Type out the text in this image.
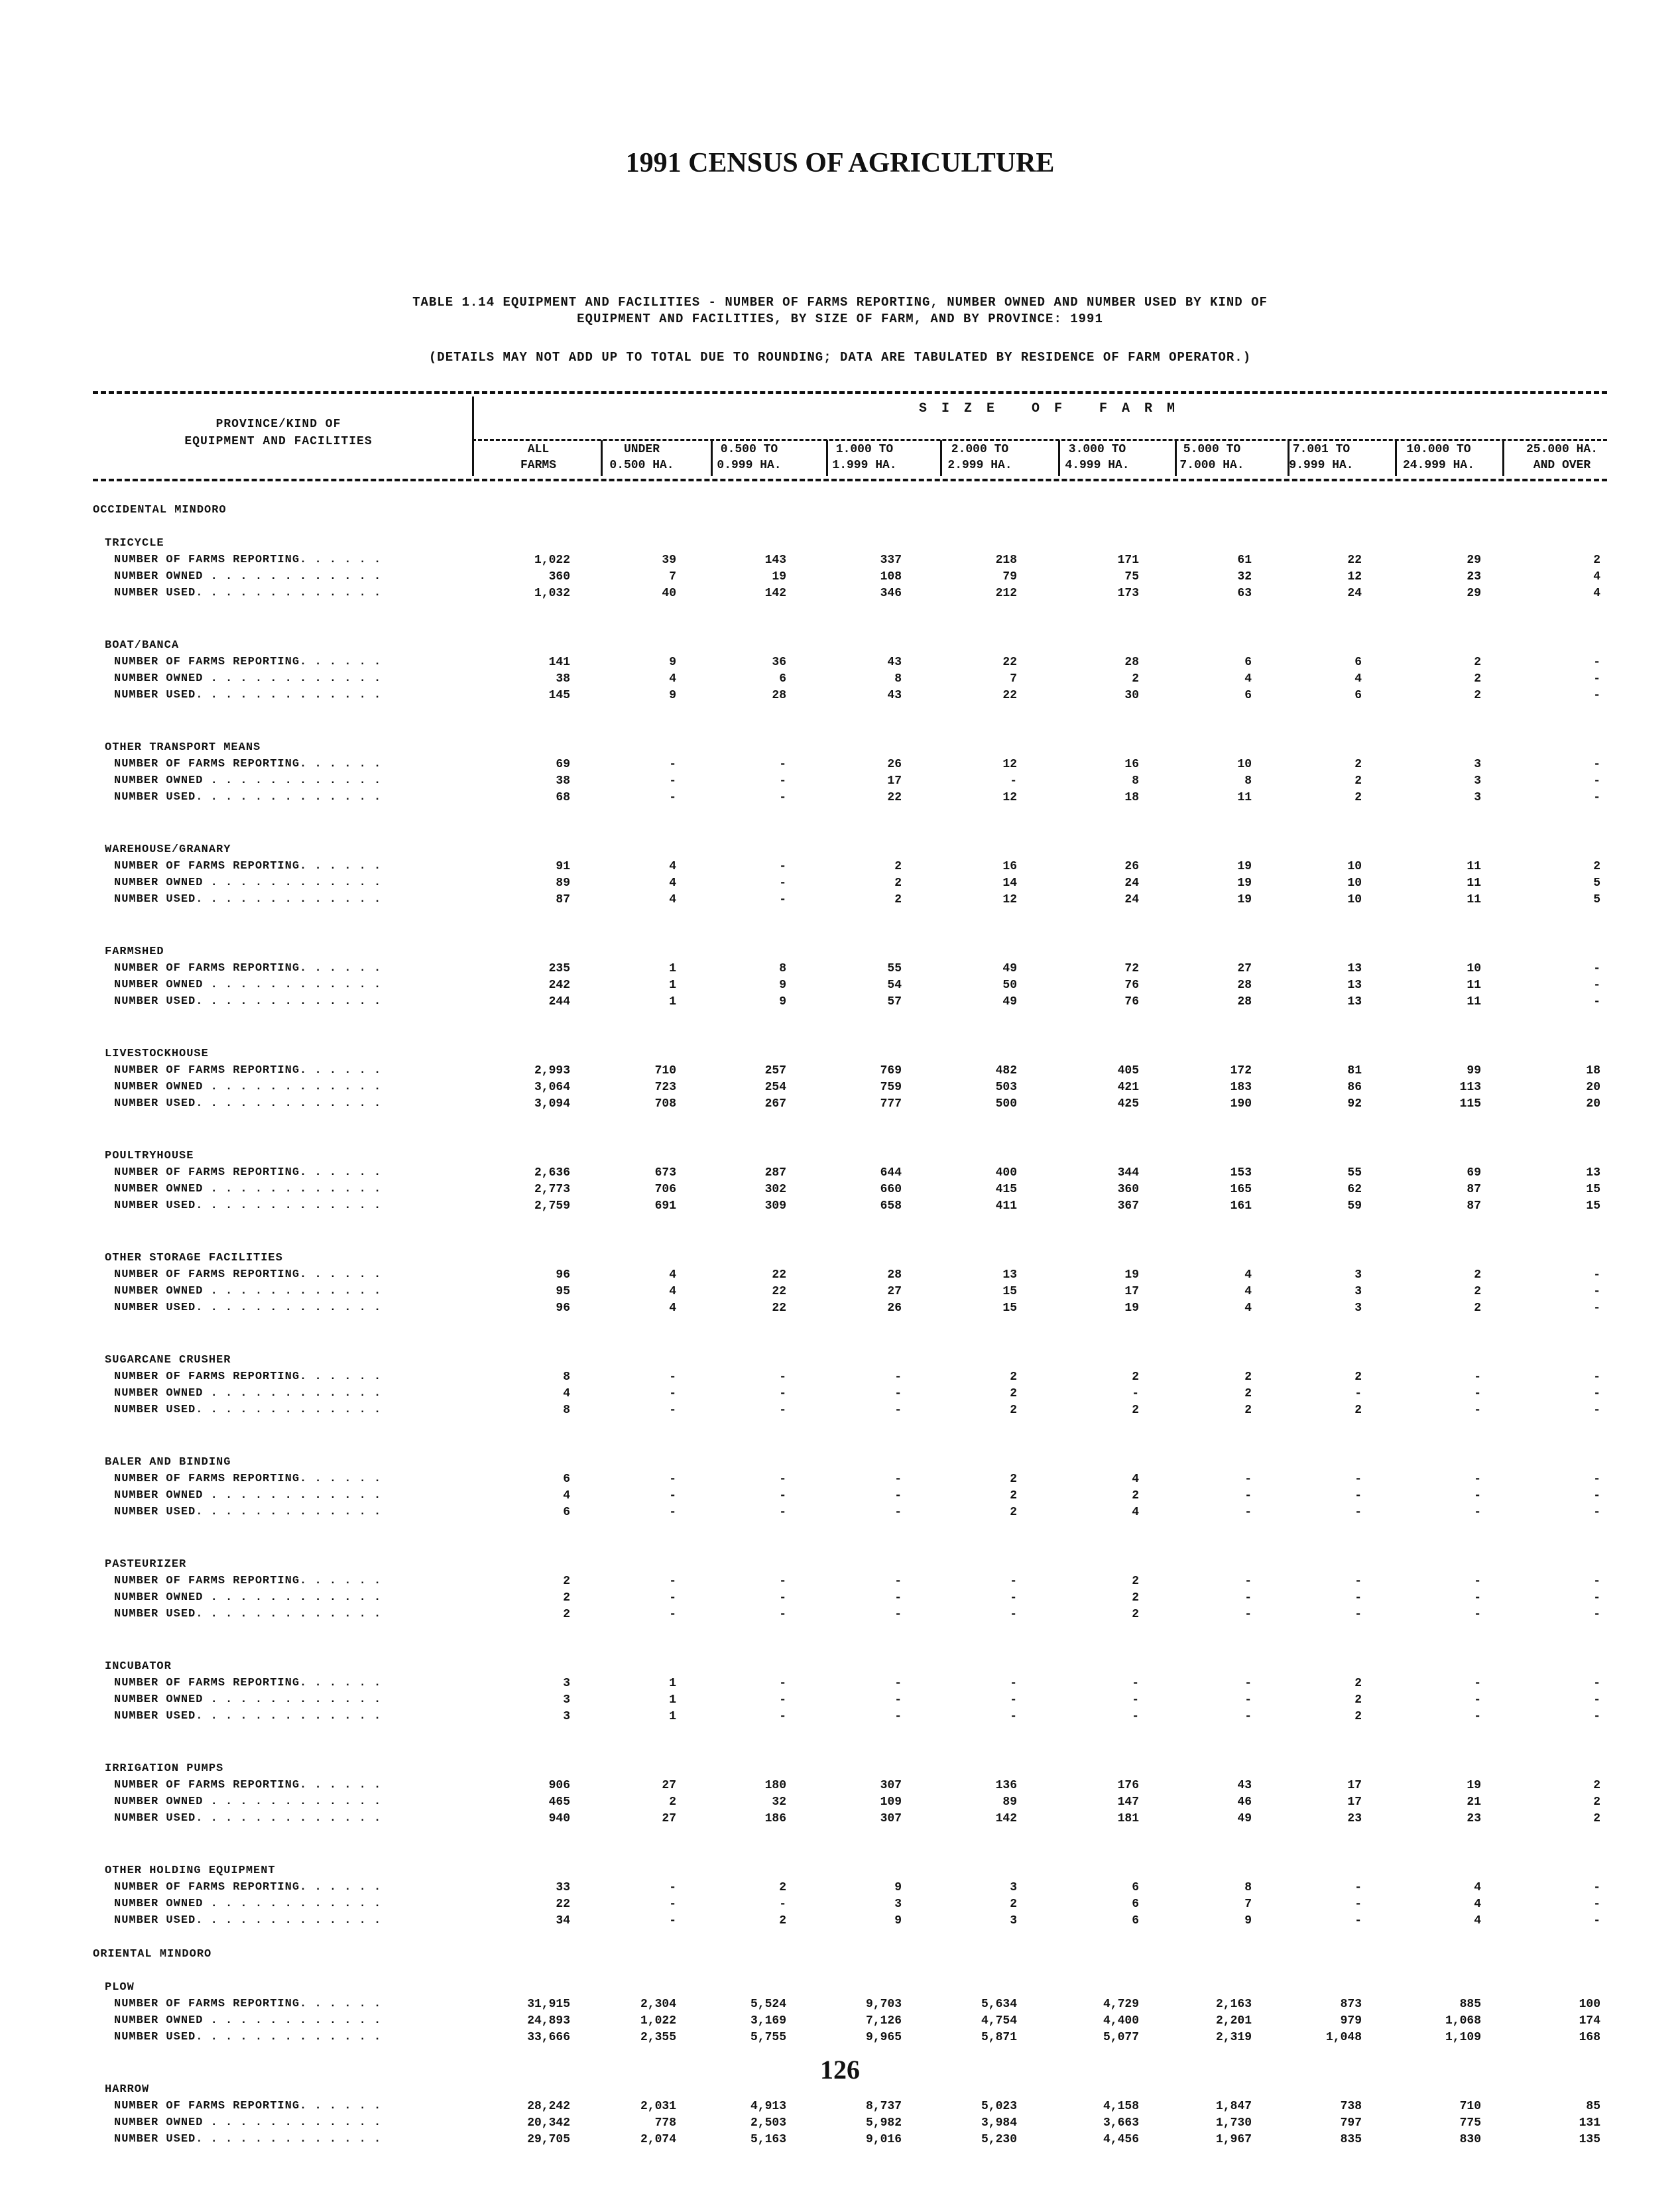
1991 CENSUS OF AGRICULTURE
TABLE 1.14 EQUIPMENT AND FACILITIES - NUMBER OF FARMS REPORTING, NUMBER OWNED AND NUMBER USED BY KIND OF
EQUIPMENT AND FACILITIES, BY SIZE OF FARM, AND BY PROVINCE: 1991
(DETAILS MAY NOT ADD UP TO TOTAL DUE TO ROUNDING; DATA ARE TABULATED BY RESIDENCE OF FARM OPERATOR.)
PROVINCE/KIND OF
EQUIPMENT AND FACILITIES
SIZE OF FARM
ALL
FARMS
UNDER
0.500 HA.
0.500 TO
0.999 HA.
1.000 TO
1.999 HA.
2.000 TO
2.999 HA.
3.000 TO
4.999 HA.
5.000 TO
7.000 HA.
7.001 TO
9.999 HA.
10.000 TO
24.999 HA.
25.000 HA.
AND OVER
OCCIDENTAL MINDORO
TRICYCLE
NUMBER OF FARMS REPORTING. . . . . .	1,022	39	143	337	218	171	61	22	29	2
NUMBER OWNED . . . . . . . . . . . .	360	7	19	108	79	75	32	12	23	4
NUMBER USED. . . . . . . . . . . . .	1,032	40	142	346	212	173	63	24	29	4
BOAT/BANCA
NUMBER OF FARMS REPORTING. . . . . .	141	9	36	43	22	28	6	6	2	-
NUMBER OWNED . . . . . . . . . . . .	38	4	6	8	7	2	4	4	2	-
NUMBER USED. . . . . . . . . . . . .	145	9	28	43	22	30	6	6	2	-
OTHER TRANSPORT MEANS
NUMBER OF FARMS REPORTING. . . . . .	69	-	-	26	12	16	10	2	3	-
NUMBER OWNED . . . . . . . . . . . .	38	-	-	17	-	8	8	2	3	-
NUMBER USED. . . . . . . . . . . . .	68	-	-	22	12	18	11	2	3	-
WAREHOUSE/GRANARY
NUMBER OF FARMS REPORTING. . . . . .	91	4	-	2	16	26	19	10	11	2
NUMBER OWNED . . . . . . . . . . . .	89	4	-	2	14	24	19	10	11	5
NUMBER USED. . . . . . . . . . . . .	87	4	-	2	12	24	19	10	11	5
FARMSHED
NUMBER OF FARMS REPORTING. . . . . .	235	1	8	55	49	72	27	13	10	-
NUMBER OWNED . . . . . . . . . . . .	242	1	9	54	50	76	28	13	11	-
NUMBER USED. . . . . . . . . . . . .	244	1	9	57	49	76	28	13	11	-
LIVESTOCKHOUSE
NUMBER OF FARMS REPORTING. . . . . .	2,993	710	257	769	482	405	172	81	99	18
NUMBER OWNED . . . . . . . . . . . .	3,064	723	254	759	503	421	183	86	113	20
NUMBER USED. . . . . . . . . . . . .	3,094	708	267	777	500	425	190	92	115	20
POULTRYHOUSE
NUMBER OF FARMS REPORTING. . . . . .	2,636	673	287	644	400	344	153	55	69	13
NUMBER OWNED . . . . . . . . . . . .	2,773	706	302	660	415	360	165	62	87	15
NUMBER USED. . . . . . . . . . . . .	2,759	691	309	658	411	367	161	59	87	15
OTHER STORAGE FACILITIES
NUMBER OF FARMS REPORTING. . . . . .	96	4	22	28	13	19	4	3	2	-
NUMBER OWNED . . . . . . . . . . . .	95	4	22	27	15	17	4	3	2	-
NUMBER USED. . . . . . . . . . . . .	96	4	22	26	15	19	4	3	2	-
SUGARCANE CRUSHER
NUMBER OF FARMS REPORTING. . . . . .	8	-	-	-	2	2	2	2	-	-
NUMBER OWNED . . . . . . . . . . . .	4	-	-	-	2	-	2	-	-	-
NUMBER USED. . . . . . . . . . . . .	8	-	-	-	2	2	2	2	-	-
BALER AND BINDING
NUMBER OF FARMS REPORTING. . . . . .	6	-	-	-	2	4	-	-	-	-
NUMBER OWNED . . . . . . . . . . . .	4	-	-	-	2	2	-	-	-	-
NUMBER USED. . . . . . . . . . . . .	6	-	-	-	2	4	-	-	-	-
PASTEURIZER
NUMBER OF FARMS REPORTING. . . . . .	2	-	-	-	-	2	-	-	-	-
NUMBER OWNED . . . . . . . . . . . .	2	-	-	-	-	2	-	-	-	-
NUMBER USED. . . . . . . . . . . . .	2	-	-	-	-	2	-	-	-	-
INCUBATOR
NUMBER OF FARMS REPORTING. . . . . .	3	1	-	-	-	-	-	2	-	-
NUMBER OWNED . . . . . . . . . . . .	3	1	-	-	-	-	-	2	-	-
NUMBER USED. . . . . . . . . . . . .	3	1	-	-	-	-	-	2	-	-
IRRIGATION PUMPS
NUMBER OF FARMS REPORTING. . . . . .	906	27	180	307	136	176	43	17	19	2
NUMBER OWNED . . . . . . . . . . . .	465	2	32	109	89	147	46	17	21	2
NUMBER USED. . . . . . . . . . . . .	940	27	186	307	142	181	49	23	23	2
OTHER HOLDING EQUIPMENT
NUMBER OF FARMS REPORTING. . . . . .	33	-	2	9	3	6	8	-	4	-
NUMBER OWNED . . . . . . . . . . . .	22	-	-	3	2	6	7	-	4	-
NUMBER USED. . . . . . . . . . . . .	34	-	2	9	3	6	9	-	4	-
ORIENTAL MINDORO
PLOW
NUMBER OF FARMS REPORTING. . . . . .	31,915	2,304	5,524	9,703	5,634	4,729	2,163	873	885	100
NUMBER OWNED . . . . . . . . . . . .	24,893	1,022	3,169	7,126	4,754	4,400	2,201	979	1,068	174
NUMBER USED. . . . . . . . . . . . .	33,666	2,355	5,755	9,965	5,871	5,077	2,319	1,048	1,109	168
HARROW
NUMBER OF FARMS REPORTING. . . . . .	28,242	2,031	4,913	8,737	5,023	4,158	1,847	738	710	85
NUMBER OWNED . . . . . . . . . . . .	20,342	778	2,503	5,982	3,984	3,663	1,730	797	775	131
NUMBER USED. . . . . . . . . . . . .	29,705	2,074	5,163	9,016	5,230	4,456	1,967	835	830	135
126
